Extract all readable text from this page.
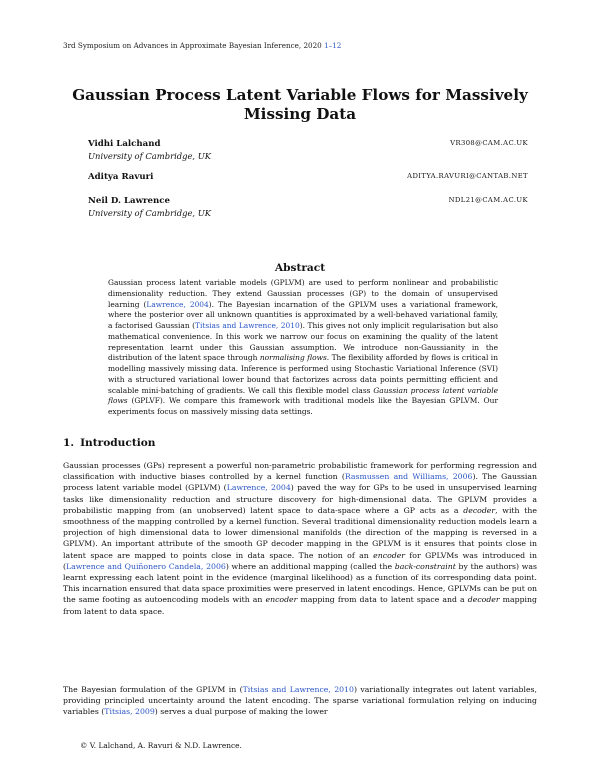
3rd Symposium on Advances in Approximate Bayesian Inference, 2020 1–12
Gaussian Process Latent Variable Flows for Massively
Missing Data
Vidhi Lalchand
University of Cambridge, UK
VR308@CAM.AC.UK
Aditya Ravuri	ADITYA.RAVURI@CANTAB.NET
Neil D. Lawrence
University of Cambridge, UK
NDL21@CAM.AC.UK
Abstract
Gaussian process latent variable models (GPLVM) are used to perform nonlinear and probabilistic dimensionality reduction. They extend Gaussian processes (GP) to the domain of unsupervised learning (Lawrence, 2004). The Bayesian incarnation of the GPLVM uses a variational framework, where the posterior over all unknown quantities is approximated by a well-behaved variational family, a factorised Gaussian (Titsias and Lawrence, 2010). This gives not only implicit regularisation but also mathematical convenience. In this work we narrow our focus on examining the quality of the latent representation learnt under this Gaussian assumption. We introduce non-Gaussianity in the distribution of the latent space through normalising flows. The flexibility afforded by flows is critical in modelling massively missing data. Inference is performed using Stochastic Variational Inference (SVI) with a structured variational lower bound that factorizes across data points permitting efficient and scalable mini-batching of gradients. We call this flexible model class Gaussian process latent variable flows (GPLVF). We compare this framework with traditional models like the Bayesian GPLVM. Our experiments focus on massively missing data settings.
1. Introduction
Gaussian processes (GPs) represent a powerful non-parametric probabilistic framework for performing regression and classification with inductive biases controlled by a kernel function (Rasmussen and Williams, 2006). The Gaussian process latent variable model (GPLVM) (Lawrence, 2004) paved the way for GPs to be used in unsupervised learning tasks like dimensionality reduction and structure discovery for high-dimensional data. The GPLVM provides a probabilistic mapping from (an unobserved) latent space to data-space where a GP acts as a decoder, with the smoothness of the mapping controlled by a kernel function. Several traditional dimensionality reduction models learn a projection of high dimensional data to lower dimensional manifolds (the direction of the mapping is reversed in a GPLVM). An important attribute of the smooth GP decoder mapping in the GPLVM is it ensures that points close in latent space are mapped to points close in data space. The notion of an encoder for GPLVMs was introduced in (Lawrence and Quiñonero Candela, 2006) where an additional mapping (called the back-constraint by the authors) was learnt expressing each latent point in the evidence (marginal likelihood) as a function of its corresponding data point. This incarnation ensured that data space proximities were preserved in latent encodings. Hence, GPLVMs can be put on the same footing as autoencoding models with an encoder mapping from data to latent space and a decoder mapping from latent to data space.
The Bayesian formulation of the GPLVM in (Titsias and Lawrence, 2010) variationally integrates out latent variables, providing principled uncertainty around the latent encoding. The sparse variational formulation relying on inducing variables (Titsias, 2009) serves a dual purpose of making the lower
© V. Lalchand, A. Ravuri & N.D. Lawrence.
